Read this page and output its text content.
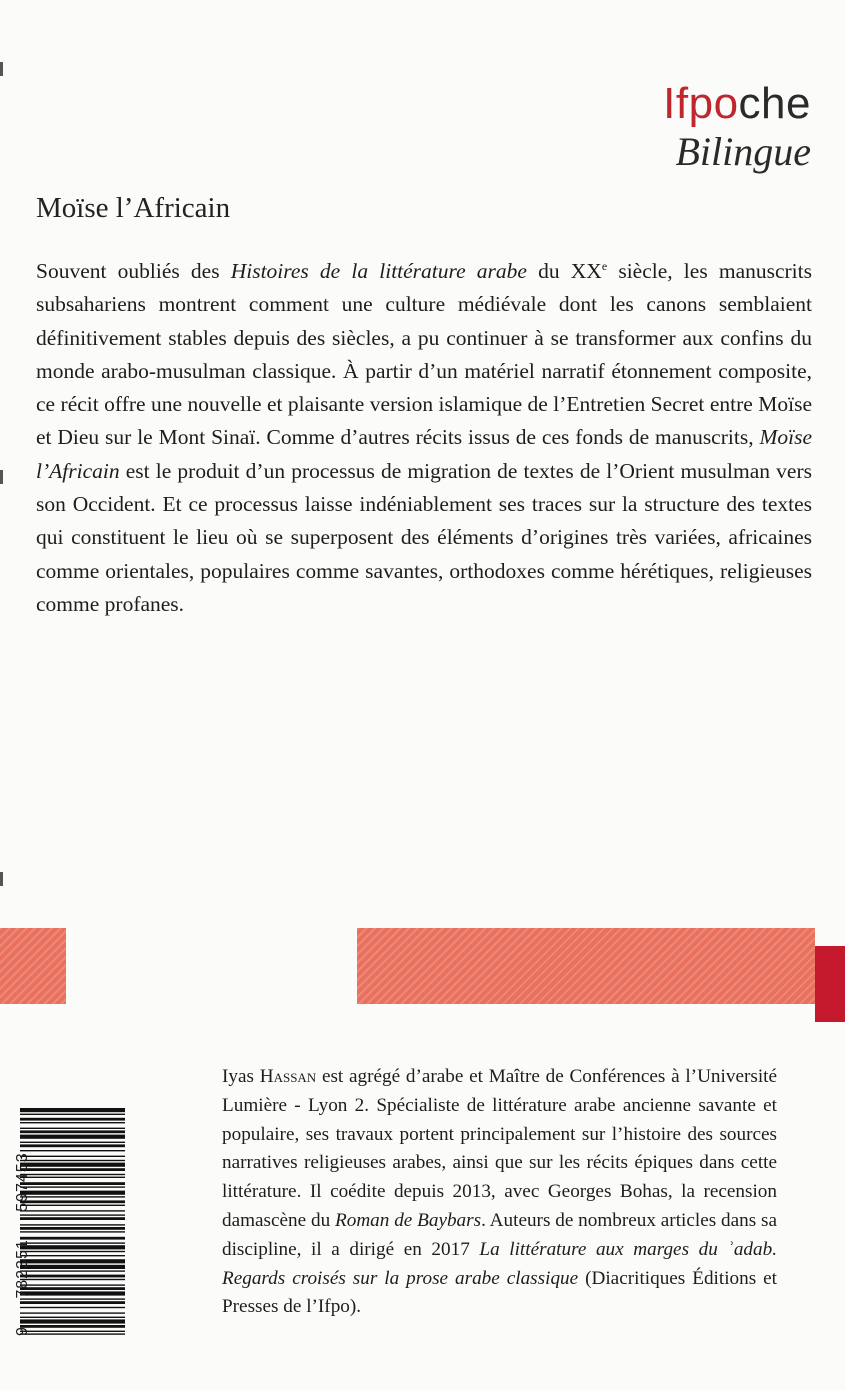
Ifpoche
Bilingue
Moïse l’Africain
Souvent oubliés des Histoires de la littérature arabe du XXe siècle, les manuscrits subsahariens montrent comment une culture médiévale dont les canons semblaient définitivement stables depuis des siècles, a pu continuer à se transformer aux confins du monde arabo-musulman classique. À partir d’un matériel narratif étonnement composite, ce récit offre une nouvelle et plaisante version islamique de l’Entretien Secret entre Moïse et Dieu sur le Mont Sinaï. Comme d’autres récits issus de ces fonds de manuscrits, Moïse l’Africain est le produit d’un processus de migration de textes de l’Orient musulman vers son Occident. Et ce processus laisse indéniablement ses traces sur la structure des textes qui constituent le lieu où se superposent des éléments d’origines très variées, africaines comme orientales, populaires comme savantes, orthodoxes comme hérétiques, religieuses comme profanes.
Iyas Hassan est agrégé d’arabe et Maître de Conférences à l’Université Lumière - Lyon 2. Spécialiste de littérature arabe ancienne savante et populaire, ses travaux portent principalement sur l’histoire des sources narratives religieuses arabes, ainsi que sur les récits épiques dans cette littérature. Il coédite depuis 2013, avec Georges Bohas, la recension damascène du Roman de Baybars. Auteurs de nombreux articles dans sa discipline, il a dirigé en 2017 La littérature aux marges du ʾadab. Regards croisés sur la prose arabe classique (Diacritiques Éditions et Presses de l’Ifpo).
9 782351 597453
